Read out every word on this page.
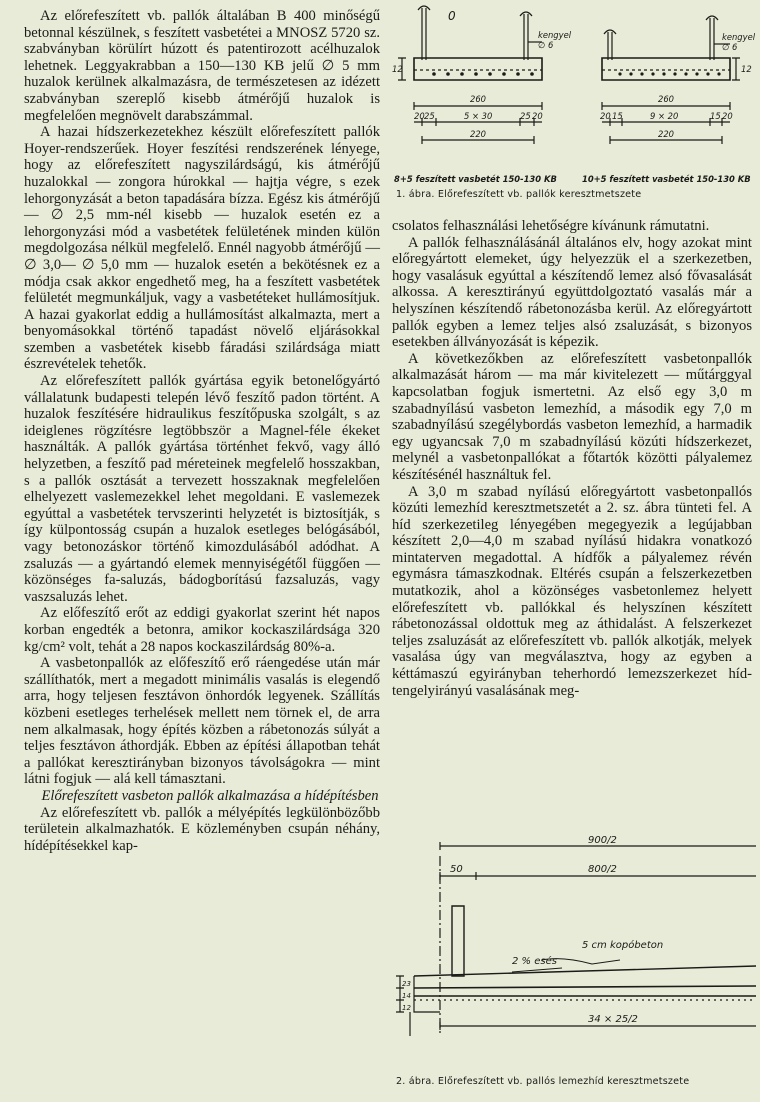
Az előrefeszített vb. pallók általában B 400 minőségű betonnal készülnek, s feszített vasbetétei a MNOSZ 5720 sz. szabványban körülírt húzott és patentirozott acélhuzalok lehetnek. Leggyakrabban a 150—130 KB jelű ∅ 5 mm huzalok kerülnek alkalmazásra, de természetesen az idézett szabványban szereplő kisebb átmérőjű huzalok is megfelelően megnövelt darabszámmal.

A hazai hídszerkezetekhez készült előrefeszített pallók Hoyer-rendszerűek. Hoyer feszítési rendszerének lényege, hogy az előrefeszített nagyszilárdságú, kis átmérőjű huzalokkal — zongora húrokkal — hajtja végre, s ezek lehorgonyzását a beton tapadására bízza. Egész kis átmérőjű — ∅ 2,5 mm-nél kisebb — huzalok esetén ez a lehorgonyzási mód a vasbetétek felületének minden külön megdolgozása nélkül megfelelő. Ennél nagyobb átmérőjű — ∅ 3,0— ∅ 5,0 mm — huzalok esetén a bekötésnek ez a módja csak akkor engedhető meg, ha a feszített vasbetétek felületét megmunkáljuk, vagy a vasbetéteket hullámosítjuk. A hazai gyakorlat eddig a hullámosítást alkalmazta, mert a benyomásokkal történő tapadást növelő eljárásokkal szemben a vasbetétek kisebb fáradási szilárdsága miatt észrevételek tehetők.

Az előrefeszített pallók gyártása egyik betonelőgyártó vállalatunk budapesti telepén lévő feszítő padon történt. A huzalok feszítésére hidraulikus feszítőpuska szolgált, s az ideiglenes rögzítésre legtöbbször a Magnel-féle ékeket használták. A pallók gyártása történhet fekvő, vagy álló helyzetben, a feszítő pad méreteinek megfelelő hosszakban, s a pallók osztását a tervezett hosszaknak megfelelően elhelyezett vaslemezekkel lehet megoldani. E vaslemezek egyúttal a vasbetétek tervszerinti helyzetét is biztosítják, s így külpontosság csupán a huzalok esetleges belógásából, vagy betonozáskor történő kimozdulásából adódhat. A zsaluzás — a gyártandó elemek mennyiségétől függően — közönséges fa-saluzás, bádogborítású fazsaluzás, vagy vaszsaluzás lehet.

Az előfeszítő erőt az eddigi gyakorlat szerint hét napos korban engedték a betonra, amikor kockaszilárdsága 320 kg/cm² volt, tehát a 28 napos kockaszilárdság 80%-a.

A vasbetonpallók az előfeszítő erő ráengedése után már szállíthatók, mert a megadott minimális vasalás is elegendő arra, hogy teljesen fesztávon önhordók legyenek. Szállítás közbeni esetleges terhelések mellett nem törnek el, de arra nem alkalmasak, hogy építés közben a rábetonozás súlyát a teljes fesztávon áthordják. Ebben az építési állapotban tehát a pallókat keresztirányban bizonyos távolságokra — mint látni fogjuk — alá kell támasztani.

Előrefeszített vasbeton pallók alkalmazása a hídépítésben

Az előrefeszített vb. pallók a mélyépítés legkülönbözőbb területein alkalmazhatók. E közleményben csupán néhány, hídépítésekkel kap-

0
kengyel
∅ 6
kengyel
∅ 6
12	12
260
20 25	5 × 30	25 20
220
260
20 15	9 × 20	15 20
220
8+5 feszített vasbetét 150-130 KB	10+5 feszített vasbetét 150-130 KB
1. ábra. Előrefeszített vb. pallók keresztmetszete

csolatos felhasználási lehetőségre kívánunk rámutatni.

A pallók felhasználásánál általános elv, hogy azokat mint előregyártott elemeket, úgy helyezzük el a szerkezetben, hogy vasalásuk egyúttal a készítendő lemez alsó fővasalását alkossa. A keresztirányú együttdolgoztató vasalás már a helyszínen készítendő rábetonozásba kerül. Az előregyártott pallók egyben a lemez teljes alsó zsaluzását, s bizonyos esetekben állványozását is képezik.

A következőkben az előrefeszített vasbetonpallók alkalmazását három — ma már kivitelezett — műtárggyal kapcsolatban fogjuk ismertetni. Az első egy 3,0 m szabadnyílású vasbeton lemezhíd, a második egy 7,0 m szabadnyílású szegélybordás vasbeton lemezhíd, a harmadik egy ugyancsak 7,0 m szabadnyílású közúti hídszerkezet, melynél a vasbetonpallókat a főtartók közötti pályalemez készítésénél használtuk fel.

A 3,0 m szabad nyílású előregyártott vasbetonpallós közúti lemezhíd keresztmetszetét a 2. sz. ábra tünteti fel. A híd szerkezetileg lényegében megegyezik a legújabban készített 2,0—4,0 m szabad nyílású hidakra vonatkozó mintaterven megadottal. A hídfők a pályalemez révén egymásra támaszkodnak. Eltérés csupán a felszerkezetben mutatkozik, ahol a közönséges vasbetonlemez helyett előrefeszített vb. pallókkal és helyszínen készített rábetonozással oldottuk meg az áthidalást. A felszerkezet teljes zsaluzását az előrefeszített vb. pallók alkotják, melyek vasalása úgy van megválasztva, hogy az egyben a kéttámaszú egyirányban teherhordó lemezszerkezet híd-tengelyirányú vasalásának meg-

900/2
50	800/2
5 cm kopóbeton
2 % esés
34 × 25/2
23
14
12
2. ábra. Előrefeszített vb. pallós lemezhíd keresztmetszete
